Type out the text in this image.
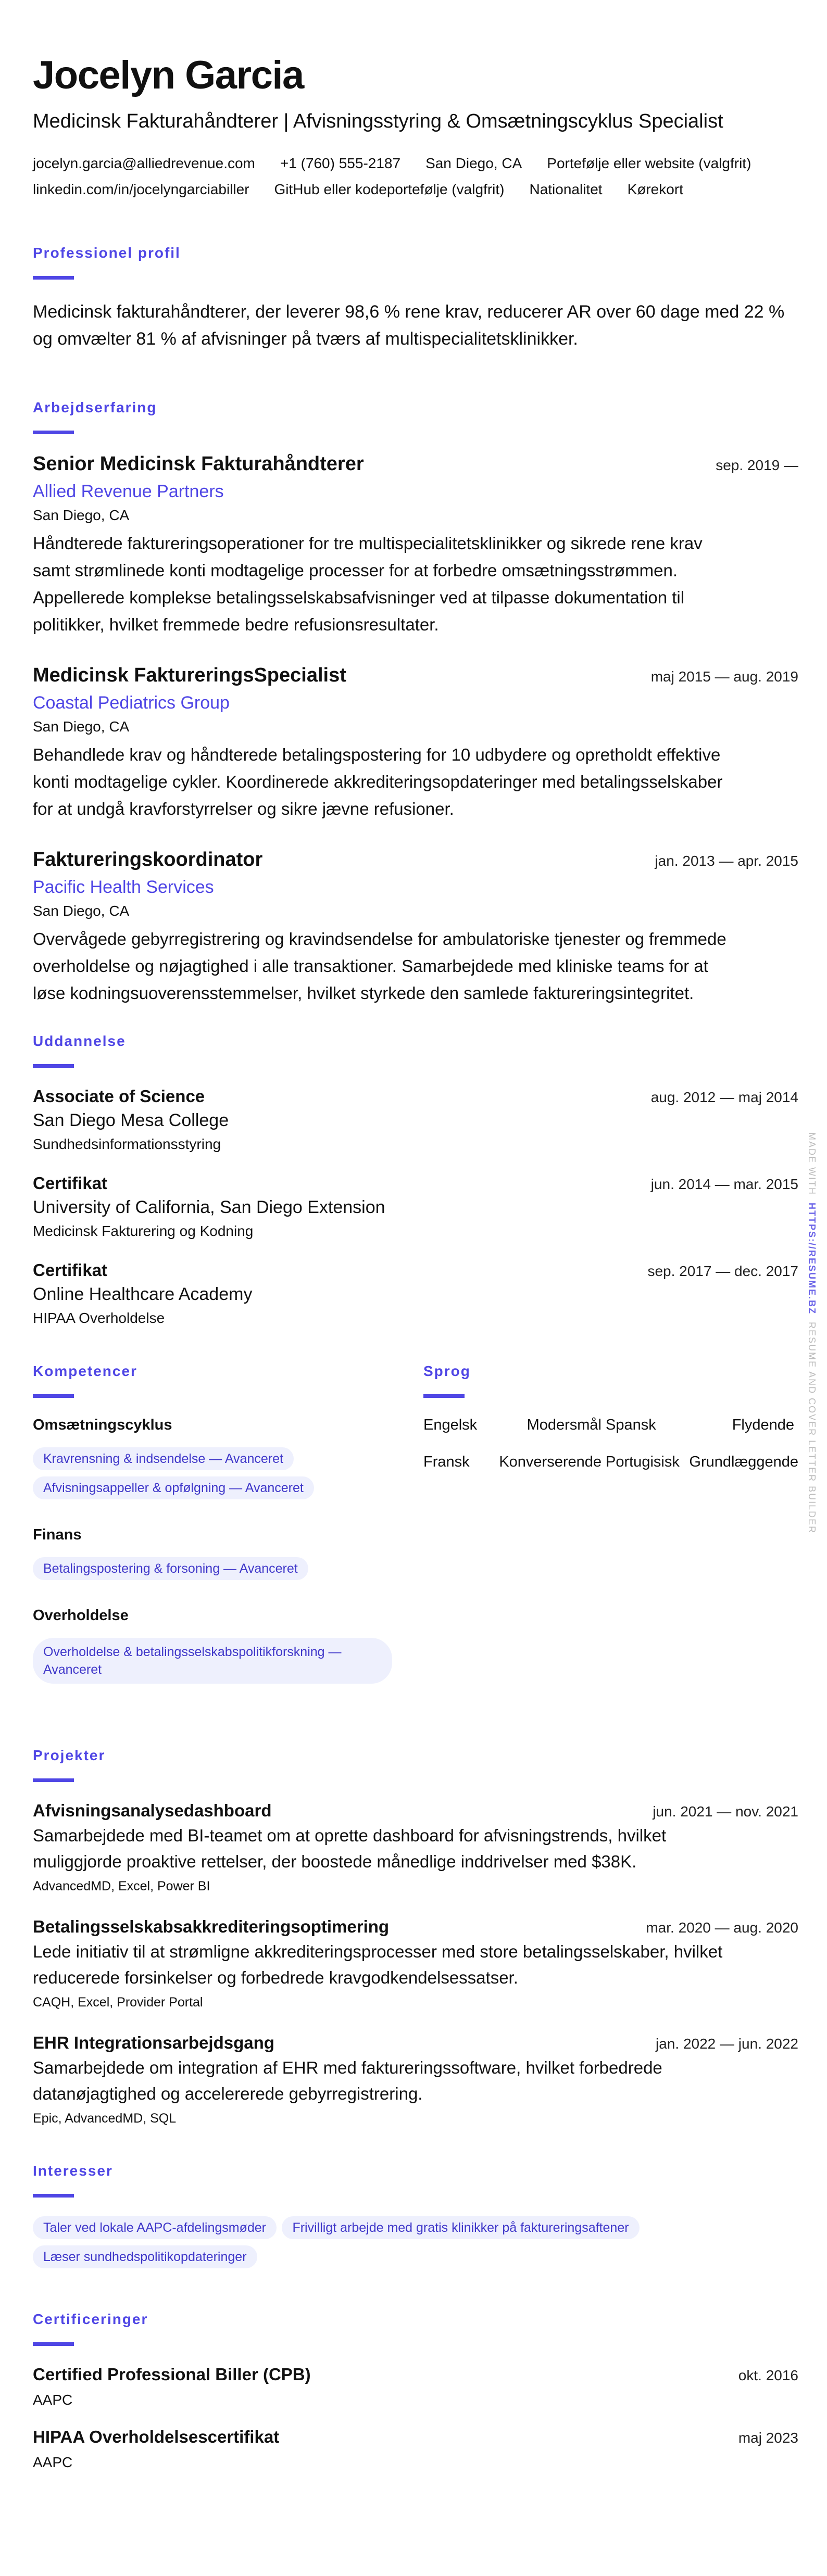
Jocelyn Garcia
Medicinsk Fakturahåndterer | Afvisningsstyring & Omsætningscyklus Specialist
jocelyn.garcia@alliedrevenue.com +1 (760) 555-2187 San Diego, CA Portefølje eller website (valgfrit)
linkedin.com/in/jocelyngarciabiller GitHub eller kodeportefølje (valgfrit) Nationalitet Kørekort
Professionel profil

Medicinsk fakturahåndterer, der leverer 98,6 % rene krav, reducerer AR over 60 dage med 22 % og omvælter 81 % af afvisninger på tværs af multispecialitetsklinikker.

Arbejdserfaring
Senior Medicinsk Fakturahåndterer	sep. 2019 —
Allied Revenue Partners
San Diego, CA

Håndterede faktureringsoperationer for tre multispecialitetsklinikker og sikrede rene krav samt strømlinede konti modtagelige processer for at forbedre omsætningsstrømmen. Appellerede komplekse betalingsselskabsafvisninger ved at tilpasse dokumentation til politikker, hvilket fremmede bedre refusionsresultater.

Medicinsk FaktureringsSpecialist	maj 2015 — aug. 2019
Coastal Pediatrics Group
San Diego, CA

Behandlede krav og håndterede betalingspostering for 10 udbydere og opretholdt effektive konti modtagelige cykler. Koordinerede akkrediteringsopdateringer med betalingsselskaber for at undgå kravforstyrrelser og sikre jævne refusioner.

Faktureringskoordinator	jan. 2013 — apr. 2015
Pacific Health Services
San Diego, CA

Overvågede gebyrregistrering og kravindsendelse for ambulatoriske tjenester og fremmede overholdelse og nøjagtighed i alle transaktioner. Samarbejdede med kliniske teams for at løse kodningsuoverensstemmelser, hvilket styrkede den samlede faktureringsintegritet.

Uddannelse
Associate of Science	aug. 2012 — maj 2014
San Diego Mesa College
Sundhedsinformationsstyring
Certifikat	jun. 2014 — mar. 2015
University of California, San Diego Extension
Medicinsk Fakturering og Kodning
Certifikat	sep. 2017 — dec. 2017
Online Healthcare Academy
HIPAA Overholdelse
Kompetencer
Omsætningscyklus
Kravrensning & indsendelse — Avanceret
Afvisningsappeller & opfølgning — Avanceret
Finans
Betalingspostering & forsoning — Avanceret
Overholdelse
Overholdelse & betalingsselskabspolitikforskning — Avanceret
Sprog
Engelsk	Modersmål Spansk	Flydende
Fransk	Konverserende Portugisisk Grundlæggende
Projekter
Afvisningsanalysedashboard	jun. 2021 — nov. 2021

Samarbejdede med BI-teamet om at oprette dashboard for afvisningstrends, hvilket muliggjorde proaktive rettelser, der boostede månedlige inddrivelser med $38K.

AdvancedMD, Excel, Power BI
Betalingsselskabsakkrediteringsoptimering	mar. 2020 — aug. 2020

Lede initiativ til at strømligne akkrediteringsprocesser med store betalingsselskaber, hvilket reducerede forsinkelser og forbedrede kravgodkendelsessatser.

CAQH, Excel, Provider Portal
EHR Integrationsarbejdsgang	jan. 2022 — jun. 2022

Samarbejdede om integration af EHR med faktureringssoftware, hvilket forbedrede datanøjagtighed og accelererede gebyrregistrering.

Epic, AdvancedMD, SQL
Interesser
Taler ved lokale AAPC-afdelingsmøder Frivilligt arbejde med gratis klinikker på faktureringsaftener
Læser sundhedspolitikopdateringer
Certificeringer
Certified Professional Biller (CPB)	okt. 2016
AAPC
HIPAA Overholdelsescertifikat	maj 2023
AAPC
MADE WITH  HTTPS://RESUME.BZ  RESUME AND COVER LETTER BUILDER
